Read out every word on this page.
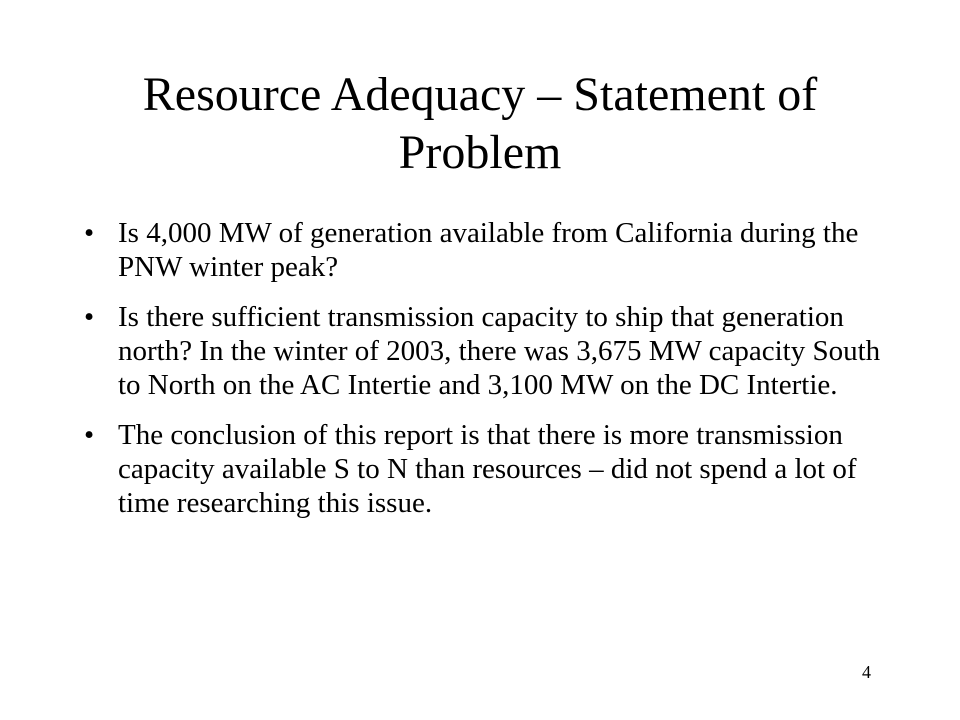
Resource Adequacy – Statement of Problem
• Is 4,000 MW of generation available from California during the PNW winter peak?
• Is there sufficient transmission capacity to ship that generation north? In the winter of 2003, there was 3,675 MW capacity South to North on the AC Intertie and 3,100 MW on the DC Intertie.
• The conclusion of this report is that there is more transmission capacity available S to N than resources – did not spend a lot of time researching this issue.
4
